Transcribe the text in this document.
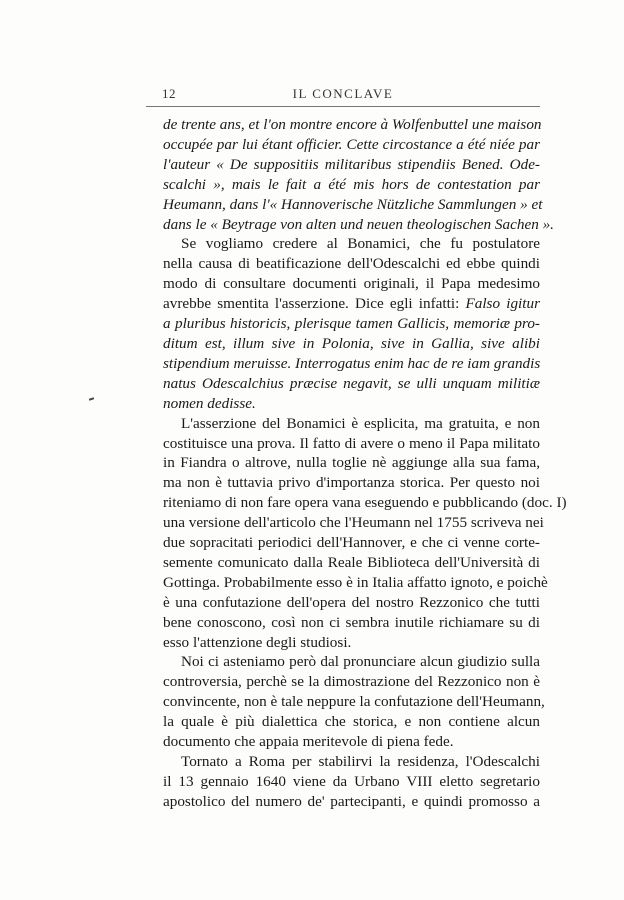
12	IL CONCLAVE
de trente ans, et l'on montre encore à Wolfenbuttel une maison
occupée par lui étant officier. Cette circostance a été niée par
l'auteur « De suppositiis militaribus stipendiis Bened. Ode-
scalchi », mais le fait a été mis hors de contestation par
Heumann, dans l'« Hannoverische Nützliche Sammlungen » et
dans le « Beytrage von alten und neuen theologischen Sachen ».
Se vogliamo credere al Bonamici, che fu postulatore
nella causa di beatificazione dell'Odescalchi ed ebbe quindi
modo di consultare documenti originali, il Papa medesimo
avrebbe smentita l'asserzione. Dice egli infatti: Falso igitur
a pluribus historicis, plerisque tamen Gallicis, memoriæ pro-
ditum est, illum sive in Polonia, sive in Gallia, sive alibi
stipendium meruisse. Interrogatus enim hac de re iam grandis
natus Odescalchius præcise negavit, se ulli unquam militiæ
nomen dedisse.
L'asserzione del Bonamici è esplicita, ma gratuita, e non
costituisce una prova. Il fatto di avere o meno il Papa militato
in Fiandra o altrove, nulla toglie nè aggiunge alla sua fama,
ma non è tuttavia privo d'importanza storica. Per questo noi
riteniamo di non fare opera vana eseguendo e pubblicando (doc. I)
una versione dell'articolo che l'Heumann nel 1755 scriveva nei
due sopracitati periodici dell'Hannover, e che ci venne corte-
semente comunicato dalla Reale Biblioteca dell'Università di
Gottinga. Probabilmente esso è in Italia affatto ignoto, e poichè
è una confutazione dell'opera del nostro Rezzonico che tutti
bene conoscono, così non ci sembra inutile richiamare su di
esso l'attenzione degli studiosi.
Noi ci asteniamo però dal pronunciare alcun giudizio sulla
controversia, perchè se la dimostrazione del Rezzonico non è
convincente, non è tale neppure la confutazione dell'Heumann,
la quale è più dialettica che storica, e non contiene alcun
documento che appaia meritevole di piena fede.
Tornato a Roma per stabilirvi la residenza, l'Odescalchi
il 13 gennaio 1640 viene da Urbano VIII eletto segretario
apostolico del numero de' partecipanti, e quindi promosso a
